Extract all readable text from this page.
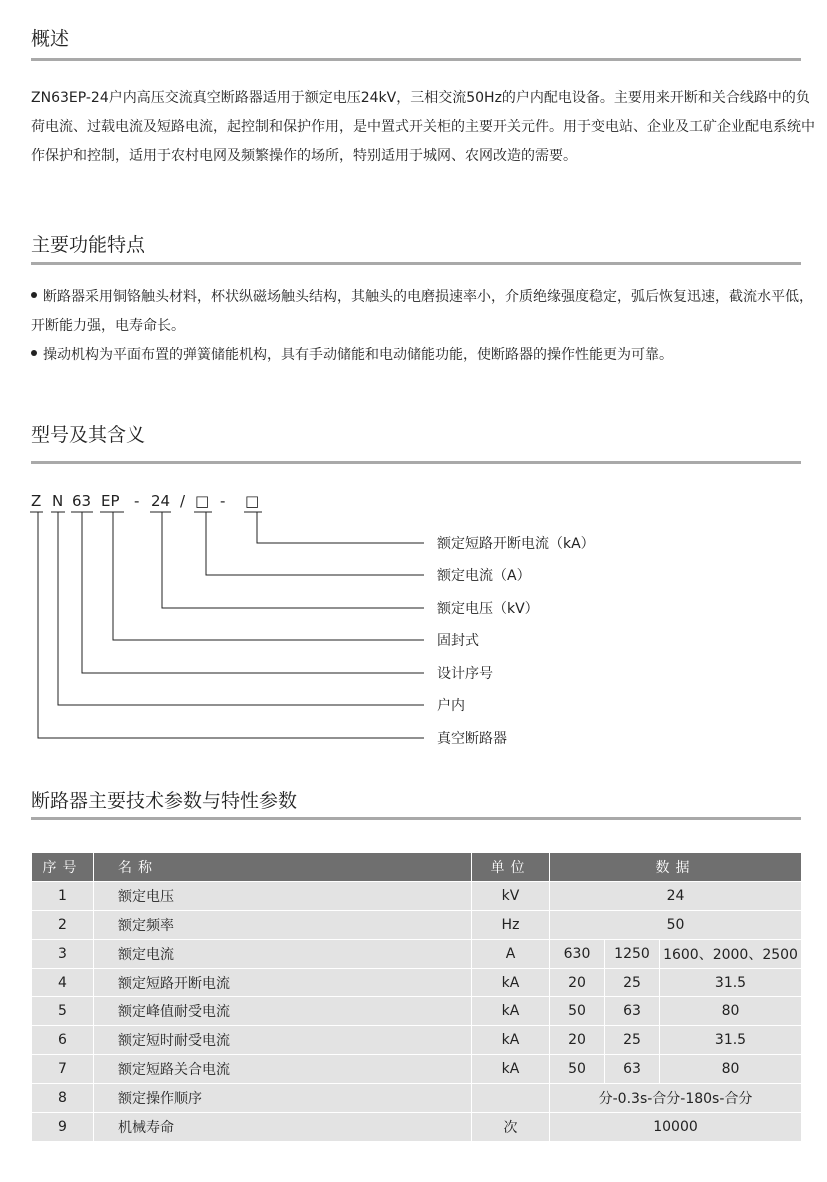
概述

ZN63EP-24户内高压交流真空断路器适用于额定电压24kV，三相交流50Hz的户内配电设备。主要用来开断和关合线路中的负荷电流、过载电流及短路电流，起控制和保护作用，是中置式开关柜的主要开关元件。用于变电站、企业及工矿企业配电系统中作保护和控制，适用于农村电网及频繁操作的场所，特别适用于城网、农网改造的需要。

主要功能特点
断路器采用铜铬触头材料，杯状纵磁场触头结构，其触头的电磨损速率小，介质绝缘强度稳定，弧后恢复迅速，截流水平低，开断能力强，电寿命长。
操动机构为平面布置的弹簧储能机构，具有手动储能和电动储能功能，使断路器的操作性能更为可靠。
型号及其含义
Z N 63 EP - 24 / □ - □
额定短路开断电流（kA）
额定电流（A）
额定电压（kV）
固封式
设计序号
户内
真空断路器
断路器主要技术参数与特性参数
序号	名称	单位	数据		
1	额定电压	kV	24		
2	额定频率	Hz	50		
3	额定电流	A	630	1250	1600、2000、2500
4	额定短路开断电流	kA	20	25	31.5
5	额定峰值耐受电流	kA	50	63	80
6	额定短时耐受电流	kA	20	25	31.5
7	额定短路关合电流	kA	50	63	80
8	额定操作顺序		分-0.3s-合分-180s-合分		
9	机械寿命	次	10000		
